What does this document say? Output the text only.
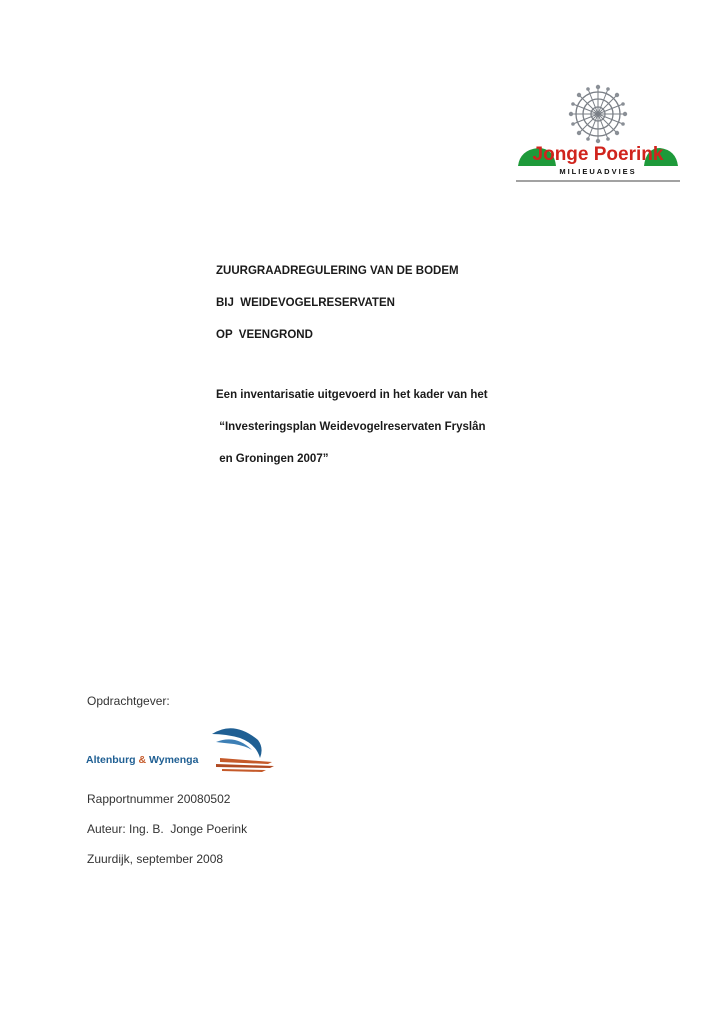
Jonge Poerink
MILIEUADVIES
ZUURGRAADREGULERING VAN DE BODEM
BIJ  WEIDEVOGELRESERVATEN
OP  VEENGROND
Een inventarisatie uitgevoerd in het kader van het
“Investeringsplan Weidevogelreservaten Fryslân
en Groningen 2007”
Opdrachtgever:
Altenburg & Wymenga
Rapportnummer 20080502
Auteur: Ing. B.  Jonge Poerink
Zuurdijk, september 2008
